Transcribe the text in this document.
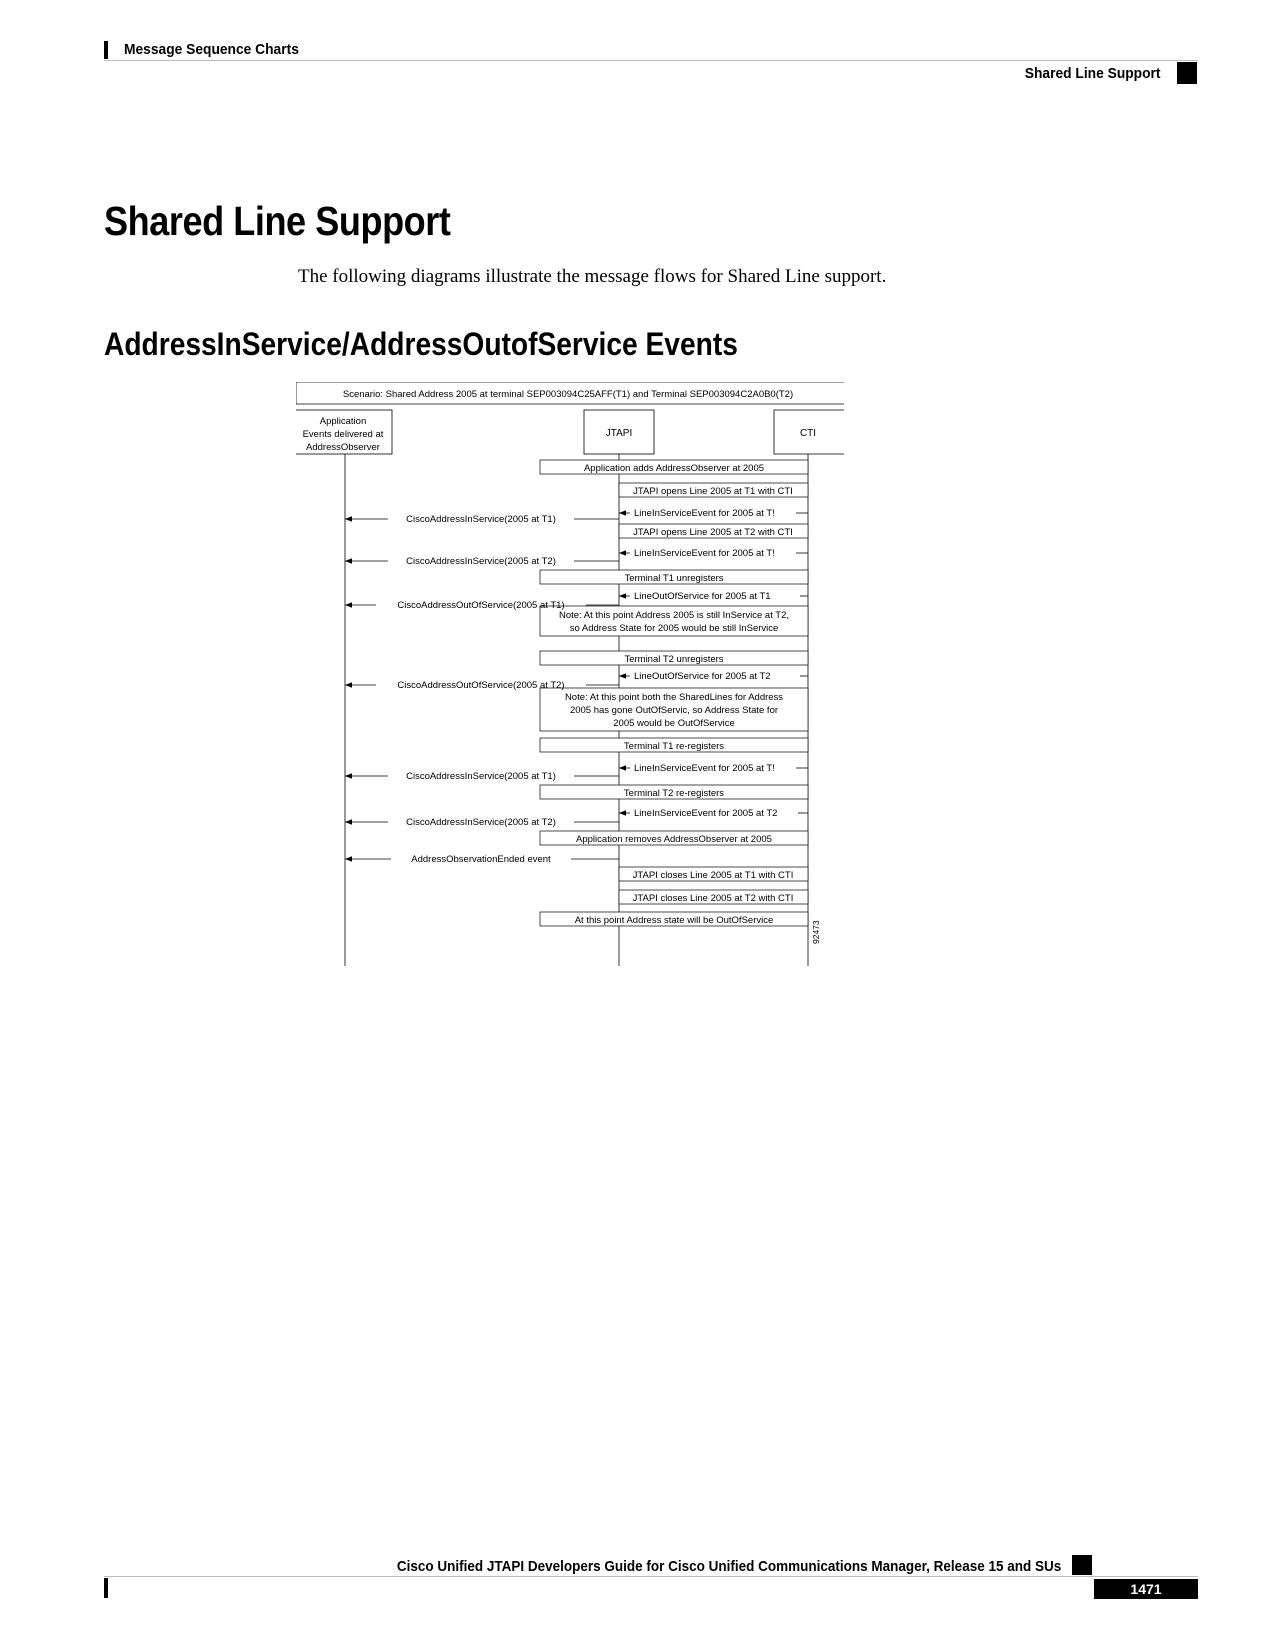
Message Sequence Charts
Shared Line Support
Shared Line Support
The following diagrams illustrate the message flows for Shared Line support.
AddressInService/AddressOutofService Events
Scenario: Shared Address 2005 at terminal SEP003094C25AFF(T1) and Terminal SEP003094C2A0B0(T2)
Application
Events delivered at
AddressObserver
JTAPI	CTI
Application adds AddressObserver at 2005
JTAPI opens Line 2005 at T1 with CTI
JTAPI opens Line 2005 at T2 with CTI
Terminal T1 unregisters
Note: At this point Address 2005 is still InService at T2,
so Address State for 2005 would be still InService
Terminal T2 unregisters
Note: At this point both the SharedLines for Address
2005 has gone OutOfServic, so Address State for
2005 would be OutOfService
Terminal T1 re-registers
Terminal T2 re-registers
Application removes AddressObserver at 2005
JTAPI closes Line 2005 at T1 with CTI
JTAPI closes Line 2005 at T2 with CTI
At this point Address state will be OutOfService
LineInServiceEvent for 2005 at T!
LineInServiceEvent for 2005 at T!
LineOutOfService for 2005 at T1
LineOutOfService for 2005 at T2
LineInServiceEvent for 2005 at T!
LineInServiceEvent for 2005 at T2
CiscoAddressInService(2005 at T1)
CiscoAddressInService(2005 at T2)
CiscoAddressOutOfService(2005 at T1)
CiscoAddressOutOfService(2005 at T2)
CiscoAddressInService(2005 at T1)
CiscoAddressInService(2005 at T2)
AddressObservationEnded event
92473
Cisco Unified JTAPI Developers Guide for Cisco Unified Communications Manager, Release 15 and SUs
1471
